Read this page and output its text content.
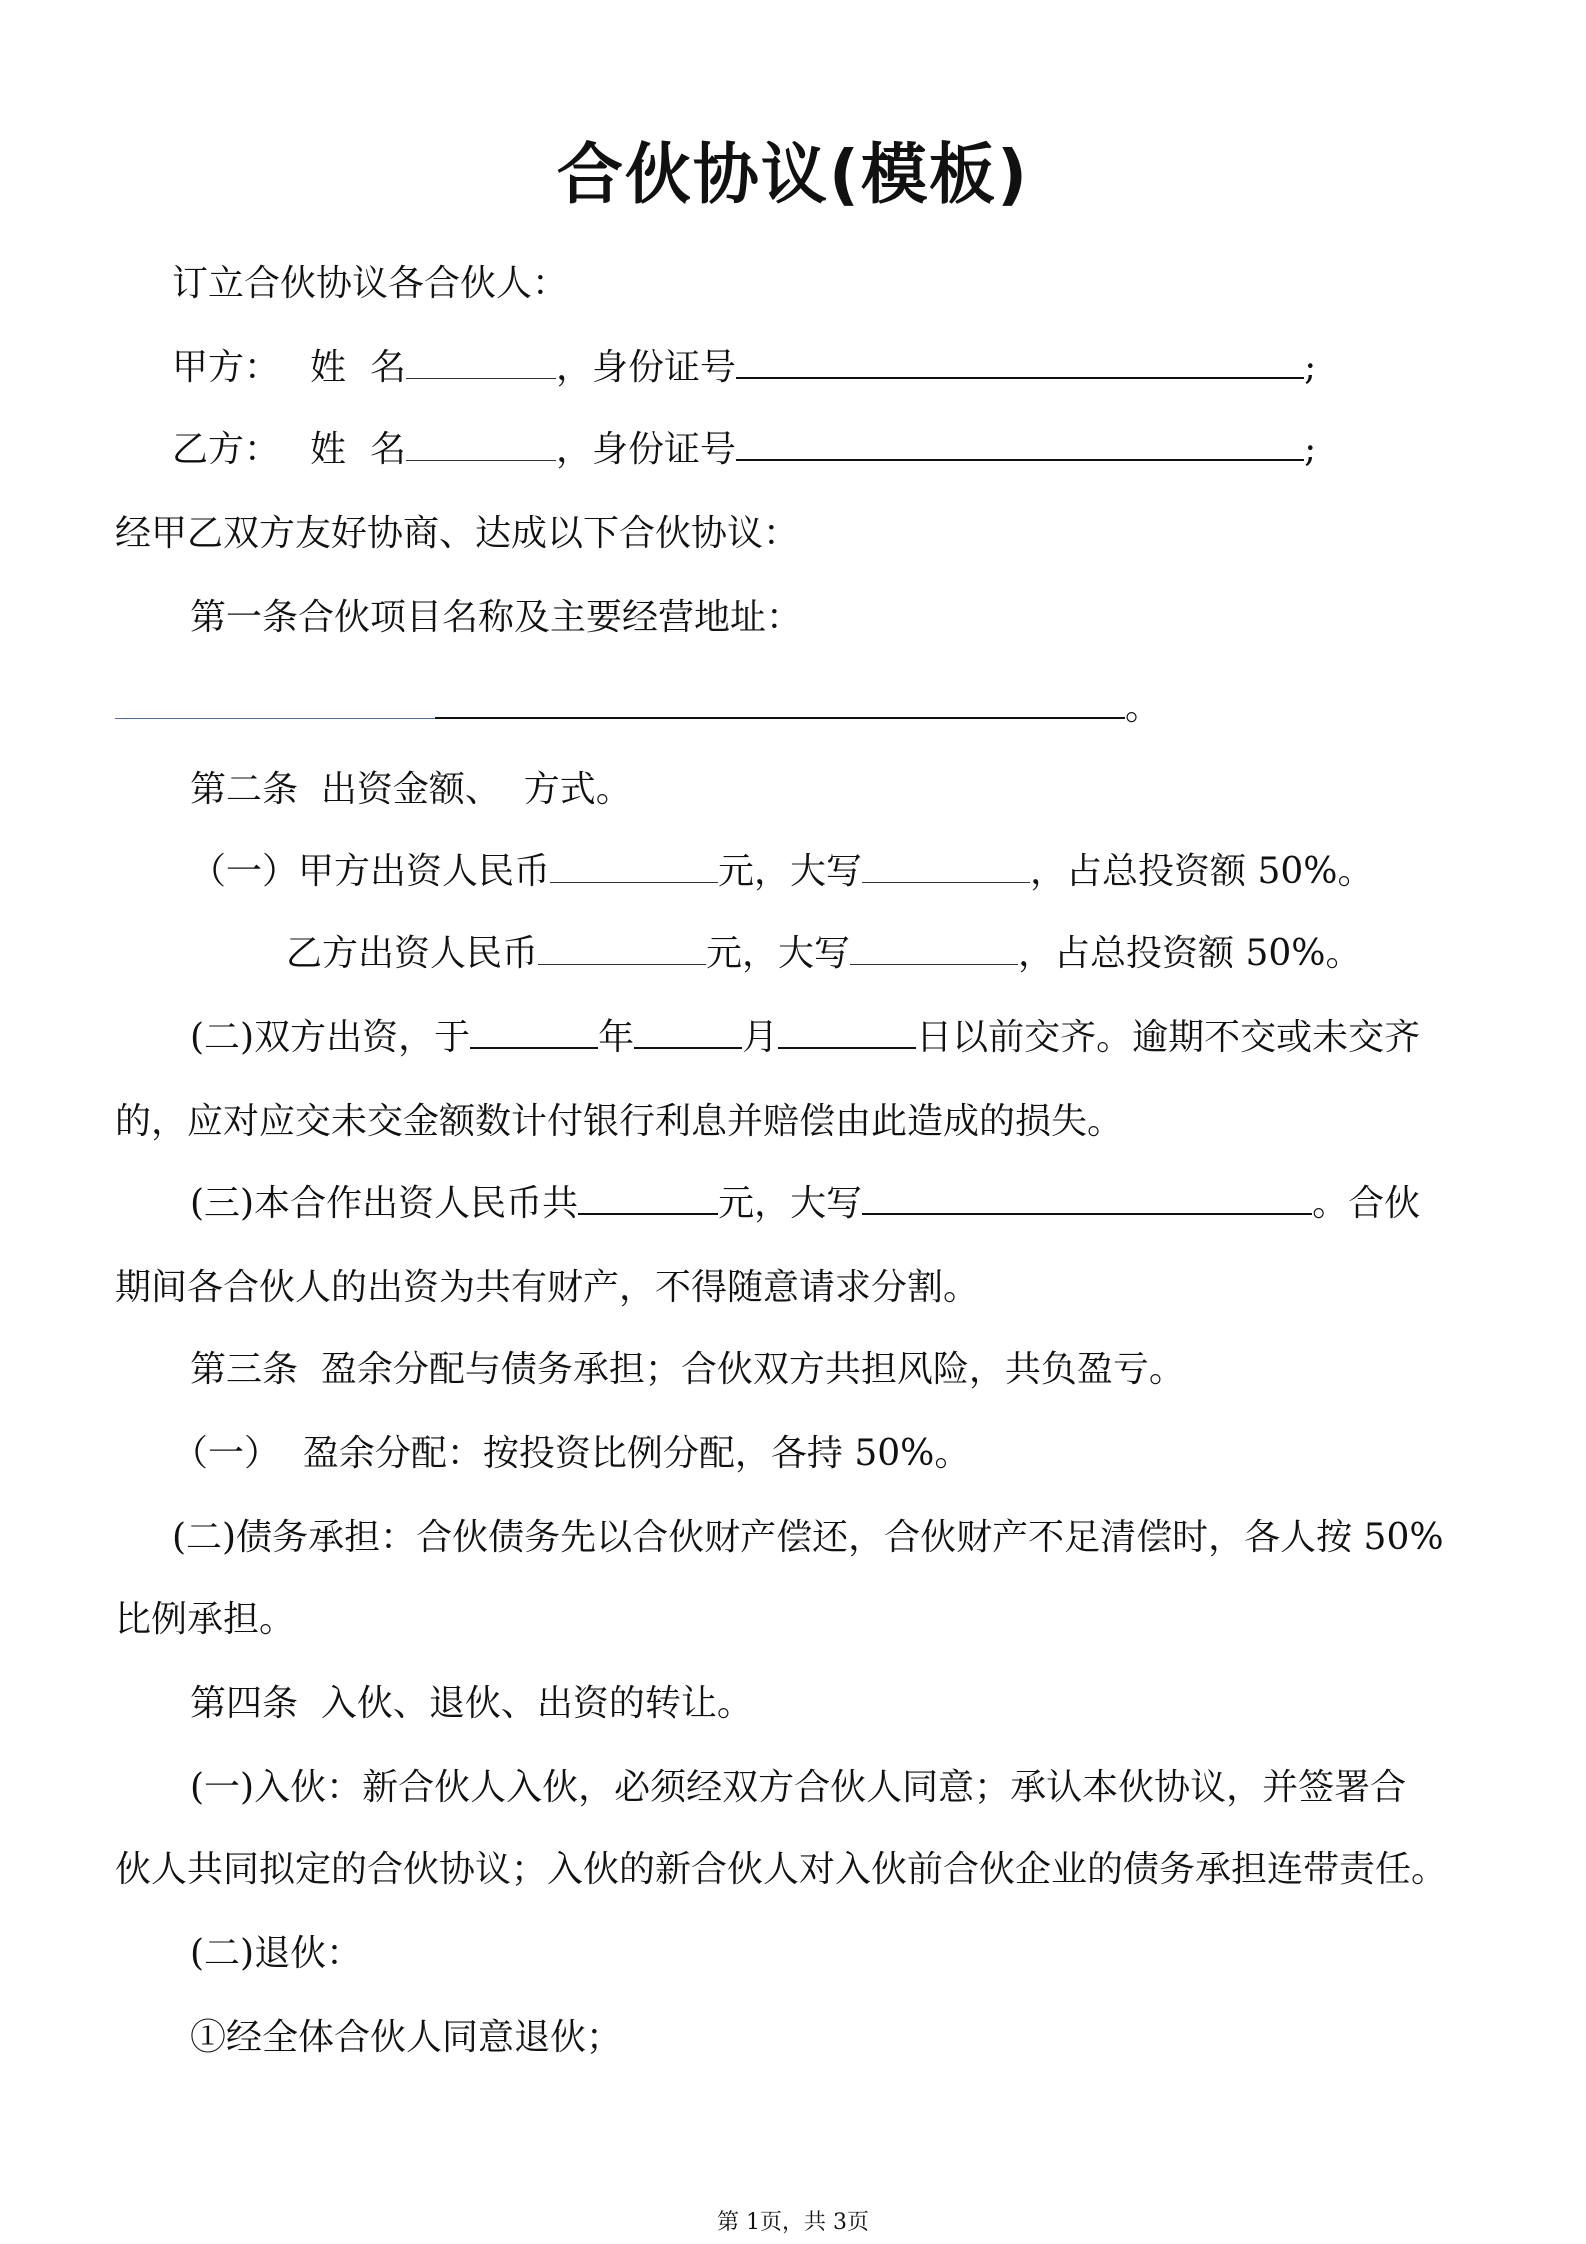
合伙协议(模板)
订立合伙协议各合伙人：
甲方： 姓 名	，身份证号	;
乙方： 姓 名	，身份证号	;
经甲乙双方友好协商、达成以下合伙协议：
第一条合伙项目名称及主要经营地址：
。
第二条  出资金额、  方式。
（一）甲方出资人民币	元，大写	，占总投资额 50%。
乙方出资人民币	元，大写	，占总投资额 50%。
(二)双方出资，于	年	月	日以前交齐。逾期不交或未交齐
的，应对应交未交金额数计付银行利息并赔偿由此造成的损失。
(三)本合作出资人民币共	元，大写	。合伙
期间各合伙人的出资为共有财产，不得随意请求分割。
第三条  盈余分配与债务承担；合伙双方共担风险，共负盈亏。
（一）  盈余分配：按投资比例分配，各持 50%。
(二)债务承担：合伙债务先以合伙财产偿还，合伙财产不足清偿时，各人按 50%
比例承担。
第四条  入伙、退伙、出资的转让。
(一)入伙：新合伙人入伙，必须经双方合伙人同意；承认本伙协议，并签署合
伙人共同拟定的合伙协议；入伙的新合伙人对入伙前合伙企业的债务承担连带责任。
(二)退伙：
①经全体合伙人同意退伙；
第 1页，共 3页
